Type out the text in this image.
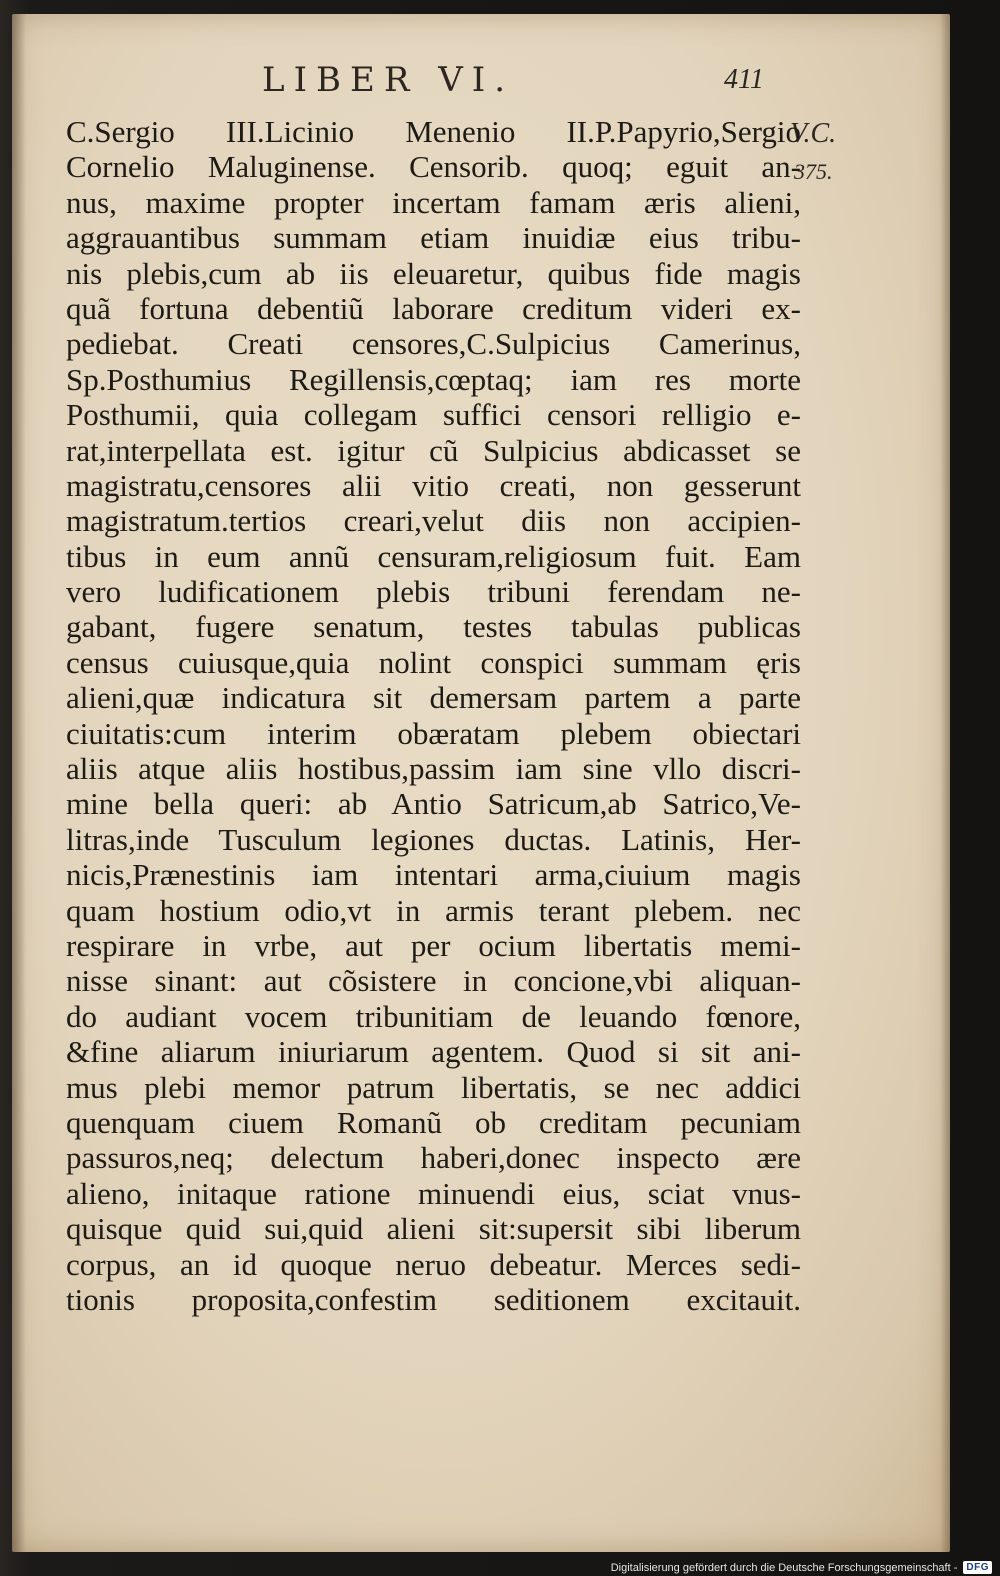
LIBER VI.	411
V.C.
375.
C.Sergio III.Licinio Menenio II.P.Papyrio,Sergio
Cornelio Maluginense. Censorib. quoq; eguit an-
nus, maxime propter incertam famam æris alieni,
aggrauantibus summam etiam inuidiæ eius tribu-
nis plebis,cum ab iis eleuaretur, quibus fide magis
quã fortuna debentiũ laborare creditum videri ex-
pediebat. Creati censores,C.Sulpicius Camerinus,
Sp.Posthumius Regillensis,cœptaq; iam res morte
Posthumii, quia collegam suffici censori relligio e-
rat,interpellata est. igitur cũ Sulpicius abdicasset se
magistratu,censores alii vitio creati, non gesserunt
magistratum.tertios creari,velut diis non accipien-
tibus in eum annũ censuram,religiosum fuit. Eam
vero ludificationem plebis tribuni ferendam ne-
gabant, fugere senatum, testes tabulas publicas
census cuiusque,quia nolint conspici summam ęris
alieni,quæ indicatura sit demersam partem a parte
ciuitatis:cum interim obæratam plebem obiectari
aliis atque aliis hostibus,passim iam sine vllo discri-
mine bella queri: ab Antio Satricum,ab Satrico,Ve-
litras,inde Tusculum legiones ductas. Latinis, Her-
nicis,Prænestinis iam intentari arma,ciuium magis
quam hostium odio,vt in armis terant plebem. nec
respirare in vrbe, aut per ocium libertatis memi-
nisse sinant: aut cõsistere in concione,vbi aliquan-
do audiant vocem tribunitiam de leuando fœnore,
&fine aliarum iniuriarum agentem. Quod si sit ani-
mus plebi memor patrum libertatis, se nec addici
quenquam ciuem Romanũ ob creditam pecuniam
passuros,neq; delectum haberi,donec inspecto ære
alieno, initaque ratione minuendi eius, sciat vnus-
quisque quid sui,quid alieni sit:supersit sibi liberum
corpus, an id quoque neruo debeatur. Merces sedi-
tionis proposita,confestim seditionem excitauit.
Digitalisierung gefördert durch die Deutsche Forschungsgemeinschaft - DFG
